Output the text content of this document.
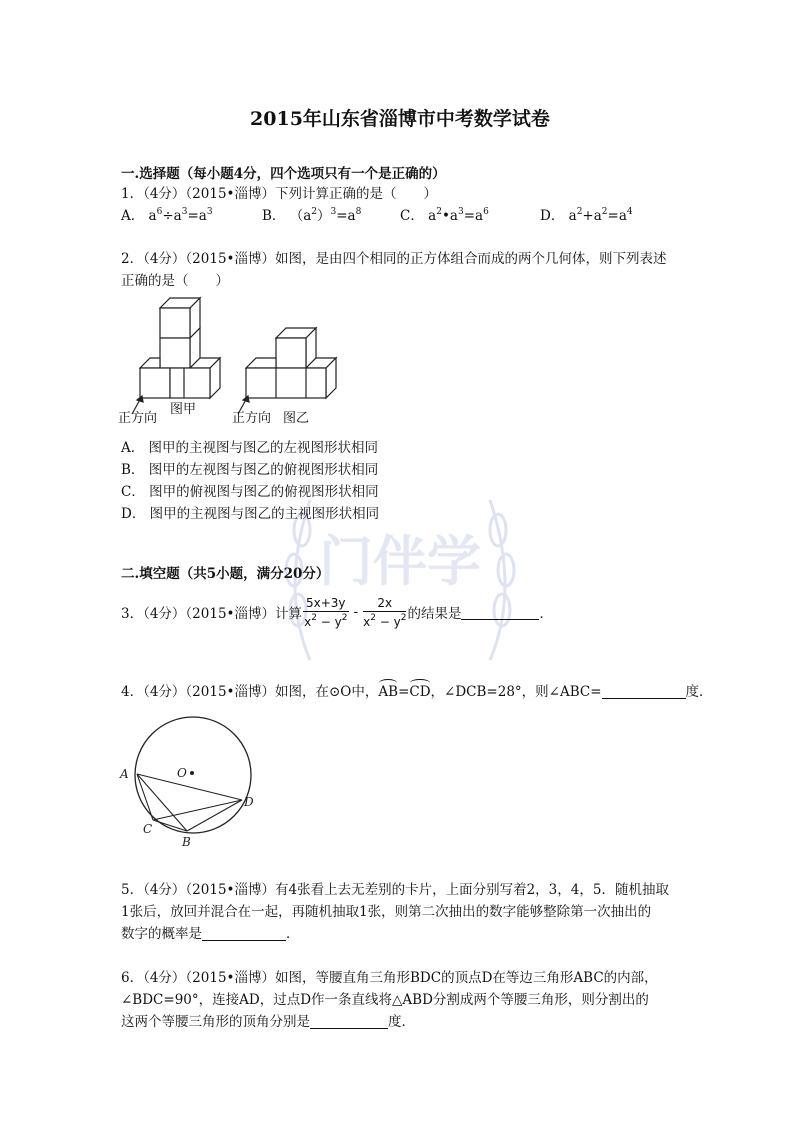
门伴学
2015年山东省淄博市中考数学试卷
一.选择题（每小题4分，四个选项只有一个是正确的）
1．（4分）（2015•淄博）下列计算正确的是（　　）
A． $a^6\div a^3=a^3$	B． $(a^2)^3=a^8$	C． $a^2•a^3=a^6$	D． $a^2+a^2=a^4$
2．（4分）（2015•淄博）如图，是由四个相同的正方体组合而成的两个几何体，则下列表述
正确的是（　　）
正方向
图甲
正方向 图乙
A． 图甲的主视图与图乙的左视图形状相同
B． 图甲的左视图与图乙的俯视图形状相同
C． 图甲的俯视图与图乙的俯视图形状相同
D． 图甲的主视图与图乙的主视图形状相同
二.填空题（共5小题，满分20分）
3．（4分）（2015•淄博）计算 $\frac{5x+3y}{x^2 - y^2} - \frac{2x}{x^2 - y^2}$ 的结果是	．
4．（4分）（2015•淄博）如图，在⊙O中，AB=CD，∠DCB=28°，则∠ABC=	度．
A
C
B
D
O
5．（4分）（2015•淄博）有4张看上去无差别的卡片，上面分别写着2，3，4，5．随机抽取
1张后，放回并混合在一起，再随机抽取1张，则第二次抽出的数字能够整除第一次抽出的
数字的概率是	．
6．（4分）（2015•淄博）如图，等腰直角三角形BDC的顶点D在等边三角形ABC的内部，
∠BDC=90°，连接AD，过点D作一条直线将△ABD分割成两个等腰三角形，则分割出的
这两个等腰三角形的顶角分别是	度．
